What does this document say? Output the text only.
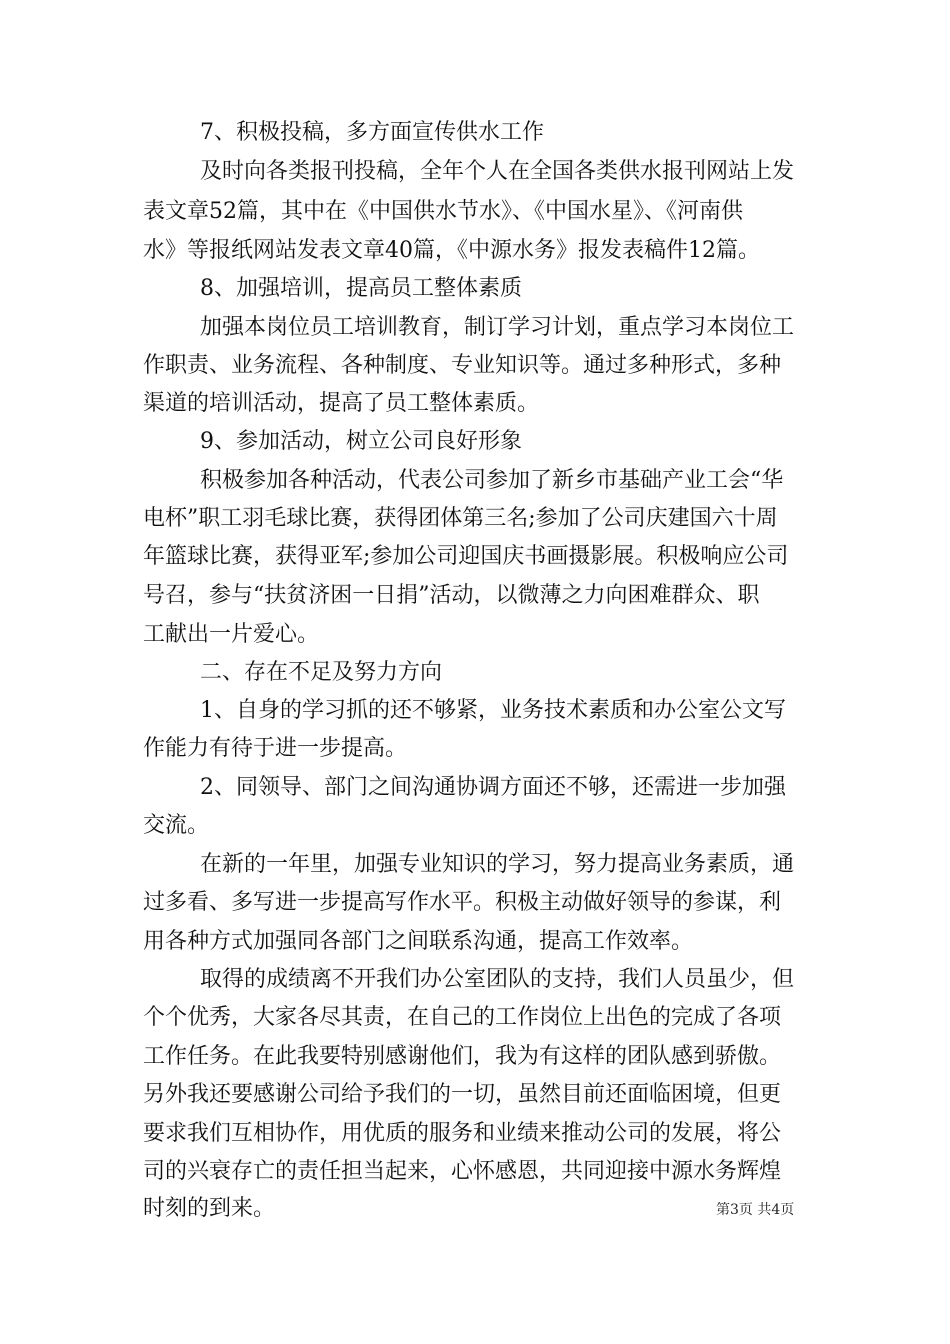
7、积极投稿，多方面宣传供水工作
及时向各类报刊投稿，全年个人在全国各类供水报刊网站上发
表文章52篇，其中在《中国供水节水》、《中国水星》、《河南供
水》等报纸网站发表文章40篇，《中源水务》报发表稿件12篇。
8、加强培训，提高员工整体素质
加强本岗位员工培训教育，制订学习计划，重点学习本岗位工
作职责、业务流程、各种制度、专业知识等。通过多种形式，多种
渠道的培训活动，提高了员工整体素质。
9、参加活动，树立公司良好形象
积极参加各种活动，代表公司参加了新乡市基础产业工会“华
电杯”职工羽毛球比赛，获得团体第三名;参加了公司庆建国六十周
年篮球比赛，获得亚军;参加公司迎国庆书画摄影展。积极响应公司
号召，参与“扶贫济困一日捐”活动，以微薄之力向困难群众、职
工献出一片爱心。
二、存在不足及努力方向
1、自身的学习抓的还不够紧，业务技术素质和办公室公文写
作能力有待于进一步提高。
2、同领导、部门之间沟通协调方面还不够，还需进一步加强
交流。
在新的一年里，加强专业知识的学习，努力提高业务素质，通
过多看、多写进一步提高写作水平。积极主动做好领导的参谋，利
用各种方式加强同各部门之间联系沟通，提高工作效率。
取得的成绩离不开我们办公室团队的支持，我们人员虽少，但
个个优秀，大家各尽其责，在自己的工作岗位上出色的完成了各项
工作任务。在此我要特别感谢他们，我为有这样的团队感到骄傲。
另外我还要感谢公司给予我们的一切，虽然目前还面临困境，但更
要求我们互相协作，用优质的服务和业绩来推动公司的发展，将公
司的兴衰存亡的责任担当起来，心怀感恩，共同迎接中源水务辉煌
时刻的到来。	第3页 共4页
